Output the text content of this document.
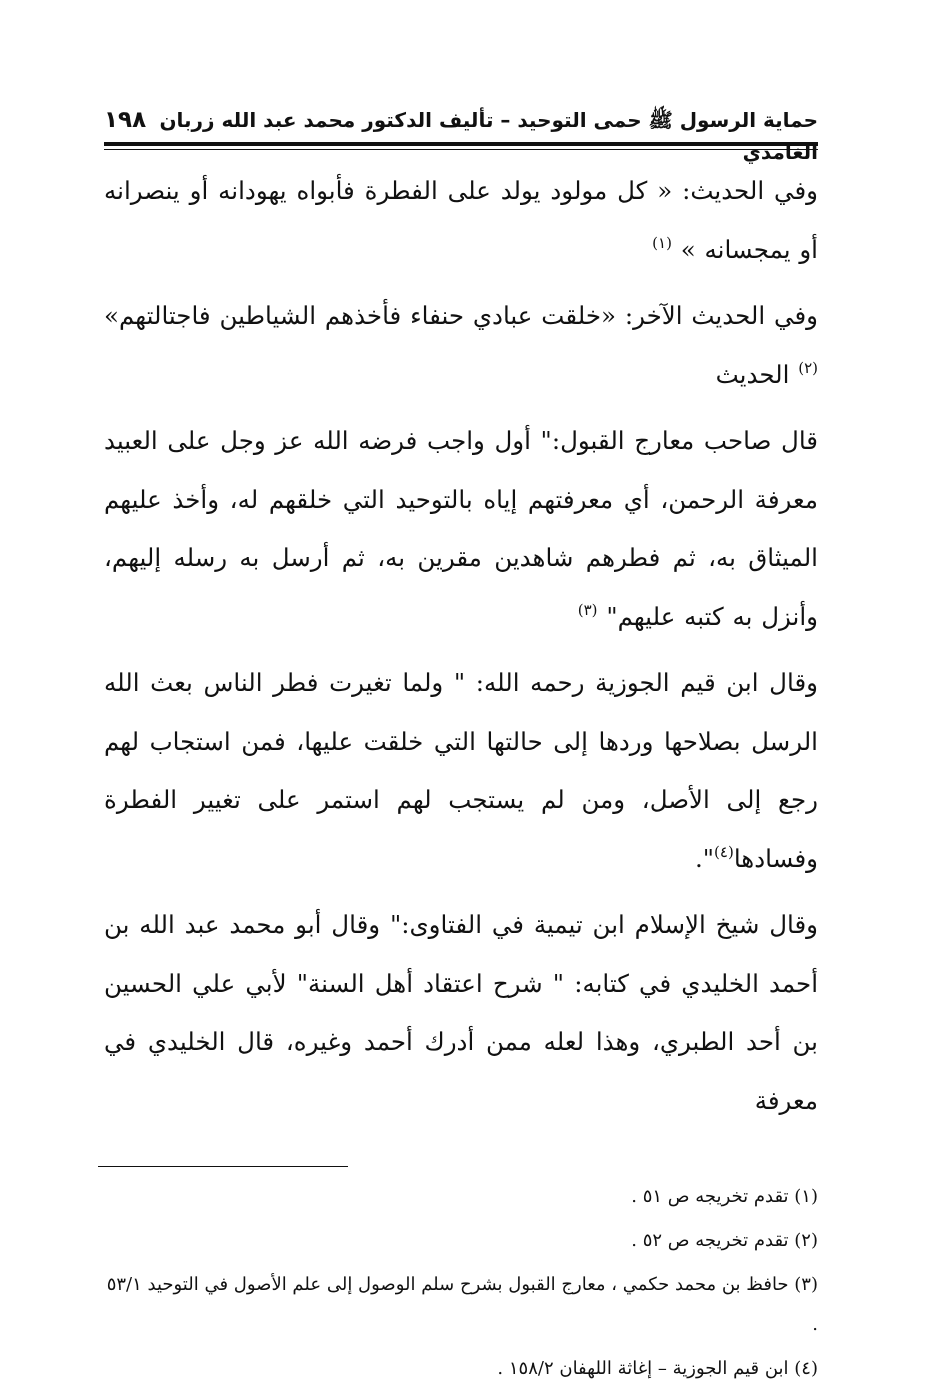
حماية الرسول ﷺ حمى التوحيد – تأليف الدكتور محمد عبد الله زربان الغامدي
١٩٨

وفي الحديث: « كل مولود يولد على الفطرة فأبواه يهودانه أو ينصرانه أو يمجسانه » $^{(١)}$

وفي الحديث الآخر: «خلقت عبادي حنفاء فأخذهم الشياطين فاجتالتهم» $^{(٢)}$ الحديث

قال صاحب معارج القبول:" أول واجب فرضه الله عز وجل على العبيد معرفة الرحمن، أي معرفتهم إياه بالتوحيد التي خلقهم له، وأخذ عليهم الميثاق به، ثم فطرهم شاهدين مقرين به، ثم أرسل به رسله إليهم، وأنزل به كتبه عليهم" $^{(٣)}$

وقال ابن قيم الجوزية رحمه الله: " ولما تغيرت فطر الناس بعث الله الرسل بصلاحها وردها إلى حالتها التي خلقت عليها، فمن استجاب لهم رجع إلى الأصل، ومن لم يستجب لهم استمر على تغيير الفطرة وفسادها$^{(٤)}$".

وقال شيخ الإسلام ابن تيمية في الفتاوى:" وقال أبو محمد عبد الله بن أحمد الخليدي في كتابه: " شرح اعتقاد أهل السنة" لأبي علي الحسين بن أحد الطبري، وهذا لعله ممن أدرك أحمد وغيره، قال الخليدي في معرفة

(١) تقدم تخريجه ص ٥١ .

(٢) تقدم تخريجه ص ٥٢ .

(٣) حافظ بن محمد حكمي ، معارج القبول بشرح سلم الوصول إلى علم الأصول في التوحيد ٥٣/١ .

(٤) ابن قيم الجوزية – إغاثة اللهفان ١٥٨/٢ .
